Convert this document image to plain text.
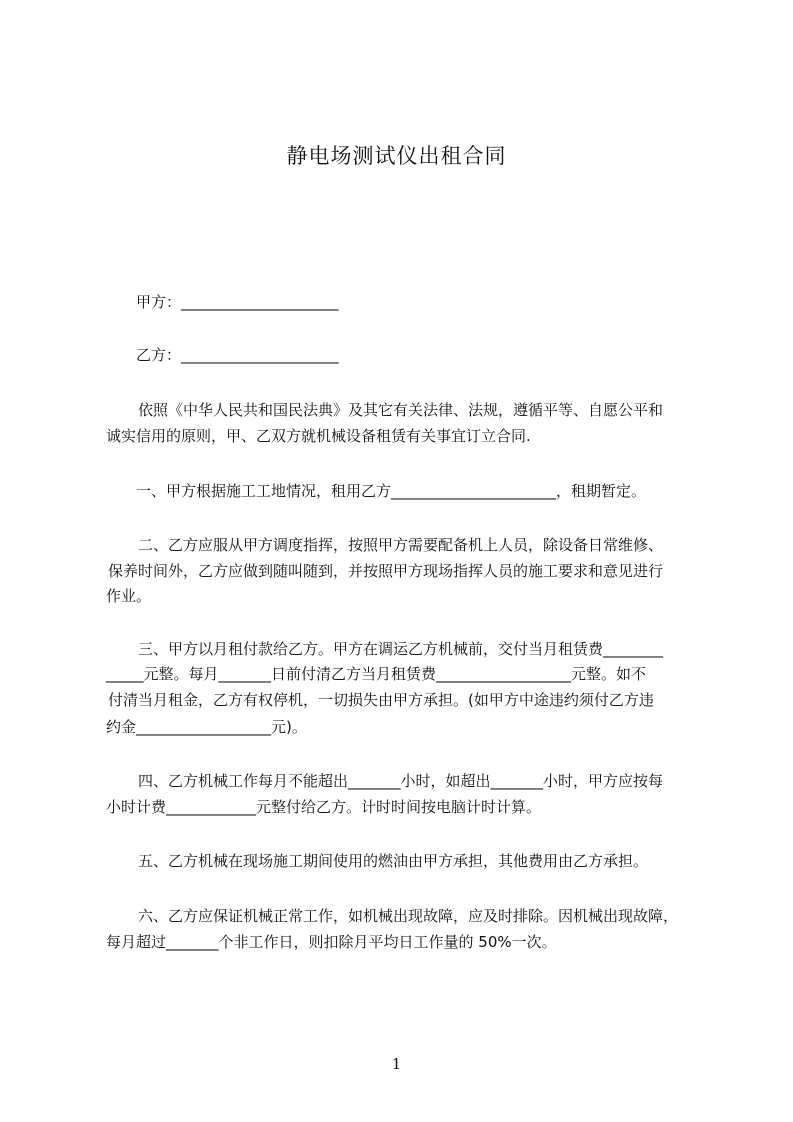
静电场测试仪出租合同
甲方：_____________________
乙方：_____________________
依照《中华人民共和国民法典》及其它有关法律、法规，遵循平等、自愿公平和
诚实信用的原则，甲、乙双方就机械设备租赁有关事宜订立合同.
一、甲方根据施工工地情况，租用乙方______________________，租期暂定。
二、乙方应服从甲方调度指挥，按照甲方需要配备机上人员，除设备日常维修、
保养时间外，乙方应做到随叫随到，并按照甲方现场指挥人员的施工要求和意见进行
作业。
三、甲方以月租付款给乙方。甲方在调运乙方机械前，交付当月租赁费________
_____元整。每月_______日前付清乙方当月租赁费__________________元整。如不
付清当月租金，乙方有权停机，一切损失由甲方承担。(如甲方中途违约须付乙方违
约金__________________元)。
四、乙方机械工作每月不能超出_______小时，如超出_______小时，甲方应按每
小时计费____________元整付给乙方。计时时间按电脑计时计算。
五、乙方机械在现场施工期间使用的燃油由甲方承担，其他费用由乙方承担。
六、乙方应保证机械正常工作，如机械出现故障，应及时排除。因机械出现故障，
每月超过_______个非工作日，则扣除月平均日工作量的 50%一次。
1
